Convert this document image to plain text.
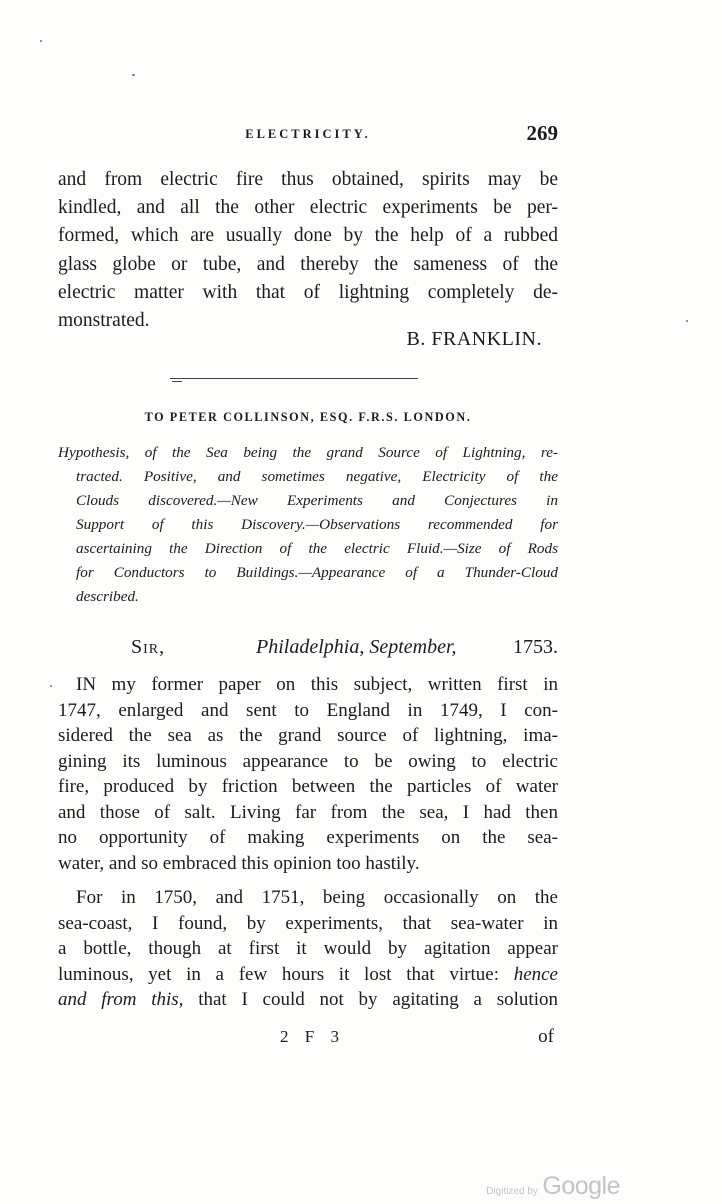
ELECTRICITY.	269
and from electric fire thus obtained, spirits may be
kindled, and all the other electric experiments be per-
formed, which are usually done by the help of a rubbed
glass globe or tube, and thereby the sameness of the
electric matter with that of lightning completely de-
monstrated.
B. FRANKLIN.
TO PETER COLLINSON, ESQ. F.R.S. LONDON.
Hypothesis, of the Sea being the grand Source of Lightning, re-
tracted. Positive, and sometimes negative, Electricity of the
Clouds discovered.—New Experiments and Conjectures in
Support of this Discovery.—Observations recommended for
ascertaining the Direction of the electric Fluid.—Size of Rods
for Conductors to Buildings.—Appearance of a Thunder-Cloud
described.
Sir,	Philadelphia, September,	1753.
IN my former paper on this subject, written first in
1747, enlarged and sent to England in 1749, I con-
sidered the sea as the grand source of lightning, ima-
gining its luminous appearance to be owing to electric
fire, produced by friction between the particles of water
and those of salt. Living far from the sea, I had then
no opportunity of making experiments on the sea-
water, and so embraced this opinion too hastily.
For in 1750, and 1751, being occasionally on the
sea-coast, I found, by experiments, that sea-water in
a bottle, though at first it would by agitation appear
luminous, yet in a few hours it lost that virtue: hence
and from this, that I could not by agitating a solution
2 F 3	of
Digitized by Google
